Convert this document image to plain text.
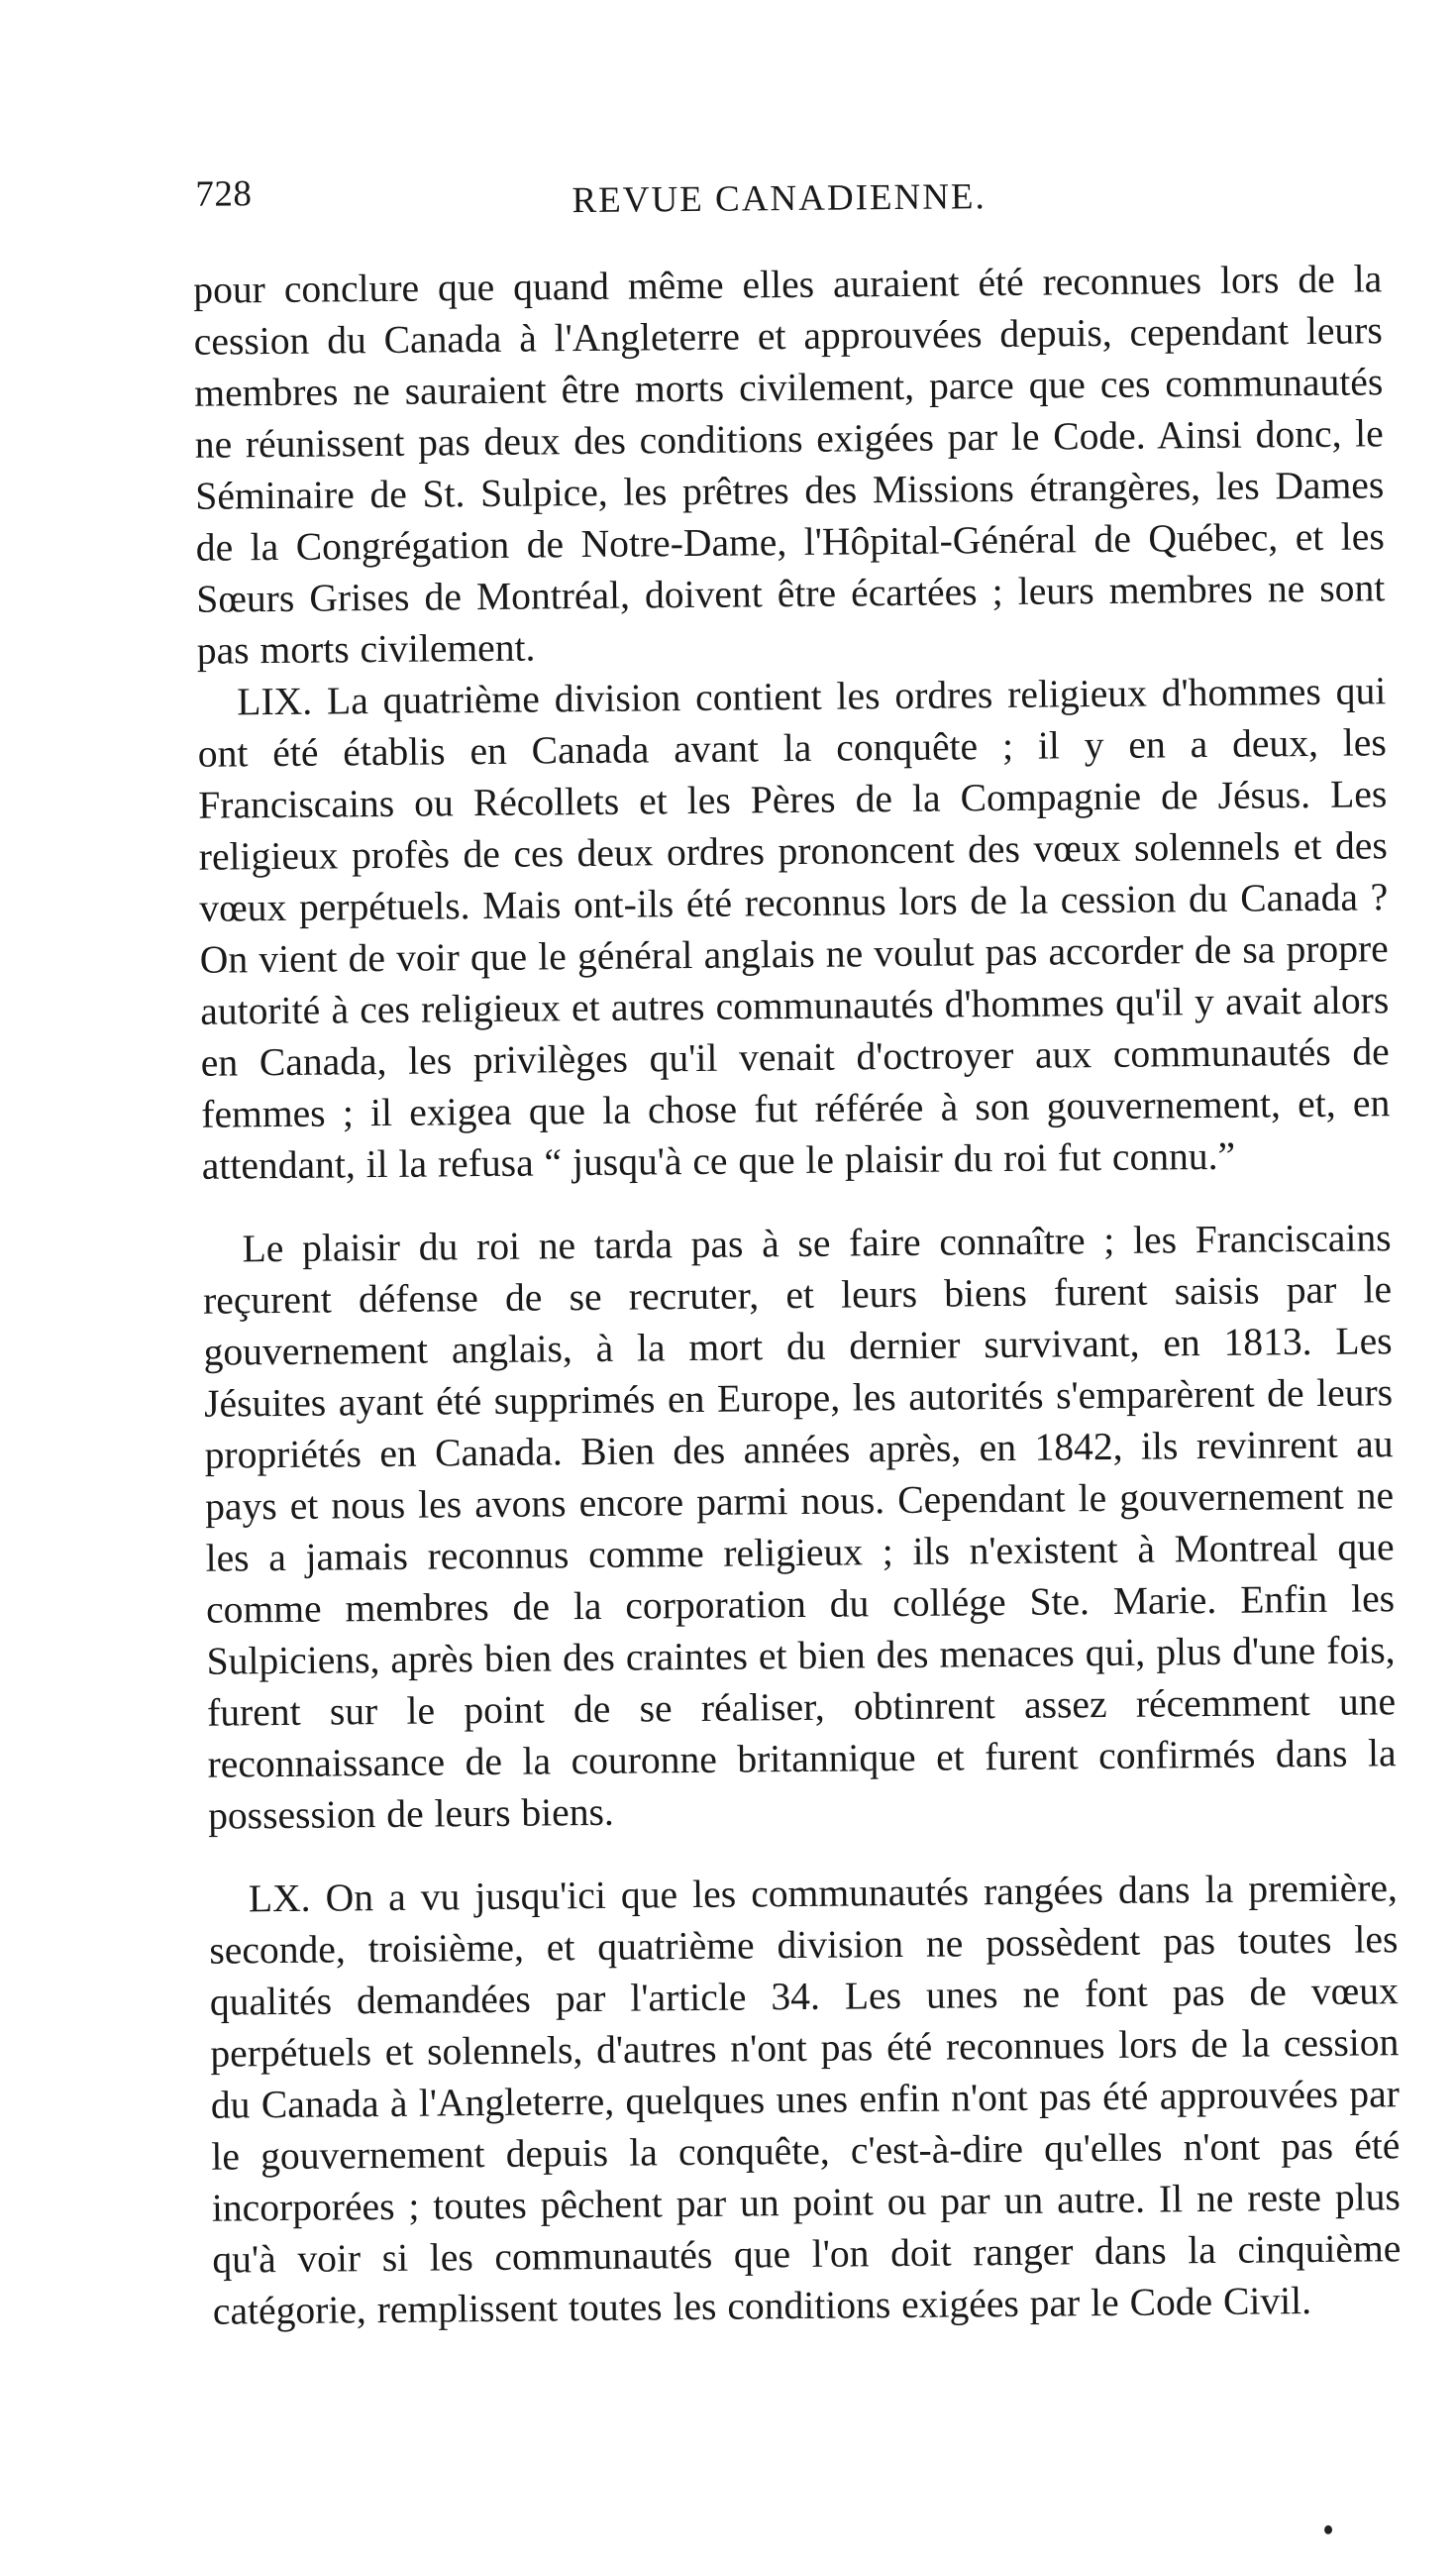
728	REVUE CANADIENNE.

pour conclure que quand même elles auraient été reconnues lors de la cession du Canada à l'Angleterre et approuvées depuis, cependant leurs membres ne sauraient être morts civilement, parce que ces communautés ne réunissent pas deux des conditions exigées par le Code. Ainsi donc, le Séminaire de St. Sulpice, les prêtres des Missions étrangères, les Dames de la Congrégation de Notre-Dame, l'Hôpital-Général de Québec, et les Sœurs Grises de Montréal, doivent être écartées ; leurs membres ne sont pas morts civilement.

LIX. La quatrième division contient les ordres religieux d'hommes qui ont été établis en Canada avant la conquête ; il y en a deux, les Franciscains ou Récollets et les Pères de la Compagnie de Jésus. Les religieux profès de ces deux ordres prononcent des vœux solennels et des vœux perpétuels. Mais ont-ils été reconnus lors de la cession du Canada ? On vient de voir que le général anglais ne voulut pas accorder de sa propre autorité à ces religieux et autres communautés d'hommes qu'il y avait alors en Canada, les privilèges qu'il venait d'octroyer aux communautés de femmes ; il exigea que la chose fut référée à son gouvernement, et, en attendant, il la refusa “ jusqu'à ce que le plaisir du roi fut connu.”

Le plaisir du roi ne tarda pas à se faire connaître ; les Franciscains reçurent défense de se recruter, et leurs biens furent saisis par le gouvernement anglais, à la mort du dernier survivant, en 1813. Les Jésuites ayant été supprimés en Europe, les autorités s'emparèrent de leurs propriétés en Canada. Bien des années après, en 1842, ils revinrent au pays et nous les avons encore parmi nous. Cependant le gouvernement ne les a jamais reconnus comme religieux ; ils n'existent à Montreal que comme membres de la corporation du collége Ste. Marie. Enfin les Sulpiciens, après bien des craintes et bien des menaces qui, plus d'une fois, furent sur le point de se réaliser, obtinrent assez récemment une reconnaissance de la couronne britannique et furent confirmés dans la possession de leurs biens.

LX. On a vu jusqu'ici que les communautés rangées dans la première, seconde, troisième, et quatrième division ne possèdent pas toutes les qualités demandées par l'article 34. Les unes ne font pas de vœux perpétuels et solennels, d'autres n'ont pas été reconnues lors de la cession du Canada à l'Angleterre, quelques unes enfin n'ont pas été approuvées par le gouvernement depuis la conquête, c'est-à-dire qu'elles n'ont pas été incorporées ; toutes pêchent par un point ou par un autre. Il ne reste plus qu'à voir si les communautés que l'on doit ranger dans la cinquième catégorie, remplissent toutes les conditions exigées par le Code Civil.
